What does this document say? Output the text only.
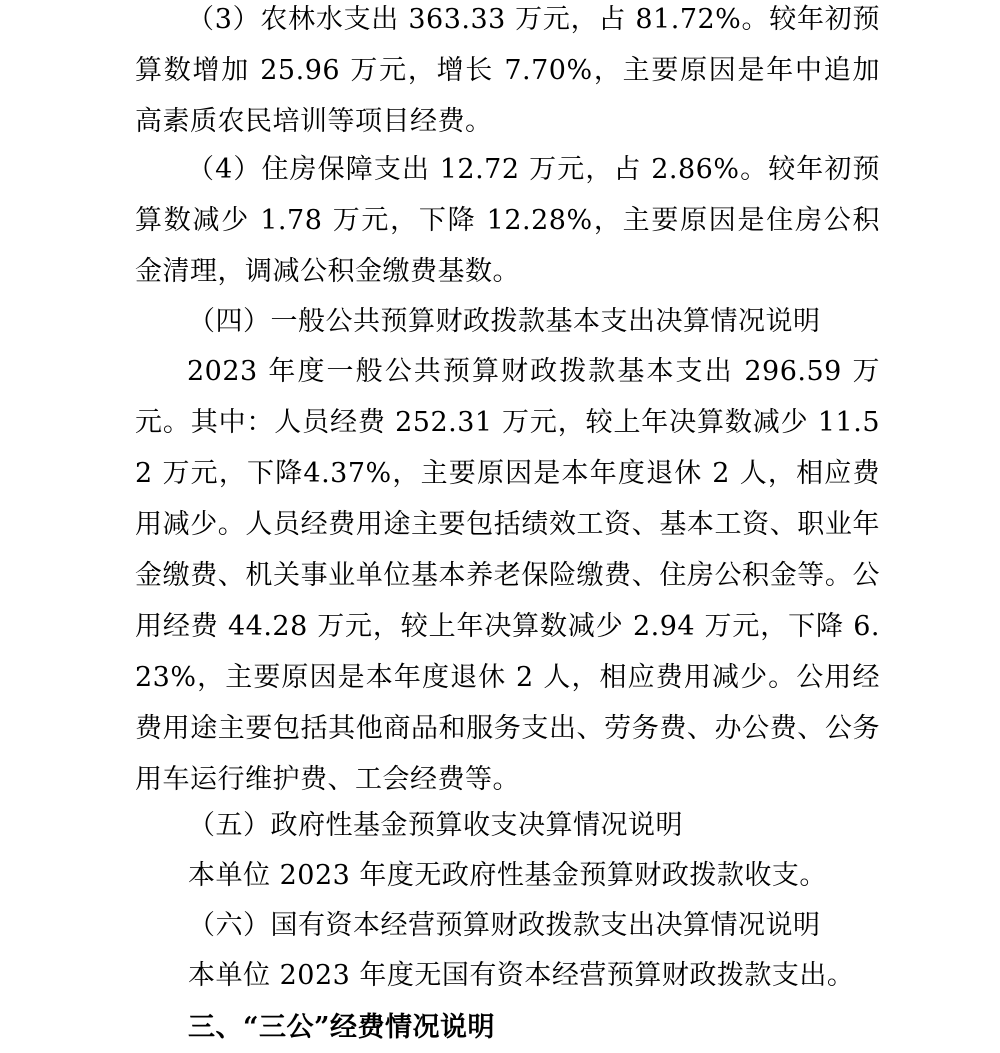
（3）农林水支出 363.33 万元，占 81.72%。较年初预算数增加 25.96 万元，增长 7.70%，主要原因是年中追加高素质农民培训等项目经费。

（4）住房保障支出 12.72 万元，占 2.86%。较年初预算数减少 1.78 万元，下降 12.28%，主要原因是住房公积金清理，调减公积金缴费基数。

（四）一般公共预算财政拨款基本支出决算情况说明

2023 年度一般公共预算财政拨款基本支出 296.59 万元。其中：人员经费 252.31 万元，较上年决算数减少 11.52 万元，下降4.37%，主要原因是本年度退休 2 人，相应费用减少。人员经费用途主要包括绩效工资、基本工资、职业年金缴费、机关事业单位基本养老保险缴费、住房公积金等。公用经费 44.28 万元，较上年决算数减少 2.94 万元，下降 6.23%，主要原因是本年度退休 2 人，相应费用减少。公用经费用途主要包括其他商品和服务支出、劳务费、办公费、公务用车运行维护费、工会经费等。

（五）政府性基金预算收支决算情况说明

本单位 2023 年度无政府性基金预算财政拨款收支。

（六）国有资本经营预算财政拨款支出决算情况说明

本单位 2023 年度无国有资本经营预算财政拨款支出。

三、“三公”经费情况说明
